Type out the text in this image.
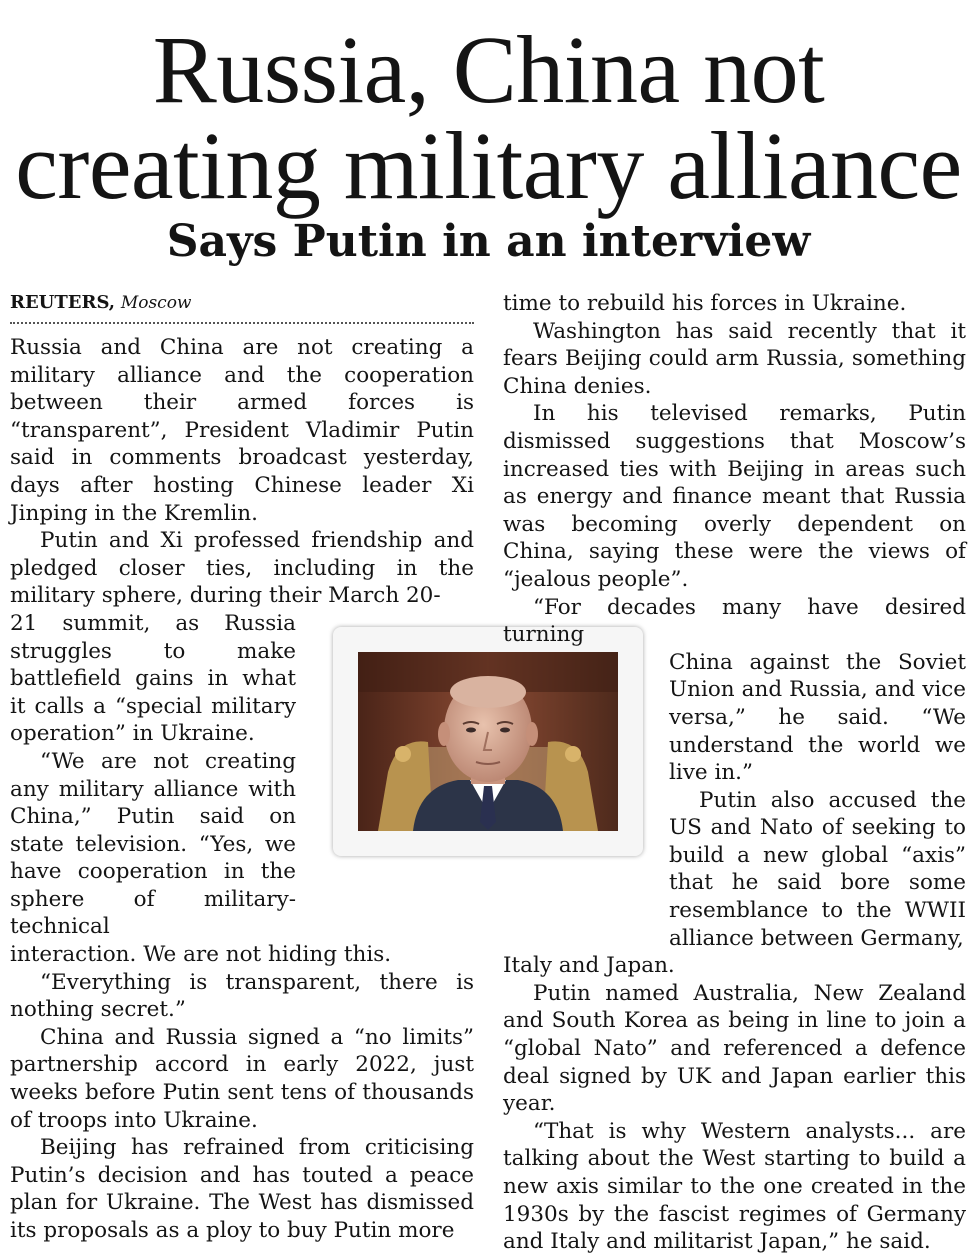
Russia, China not
creating military alliance
Says Putin in an interview

REUTERS, Moscow

Russia and China are not creating a military alliance and the cooperation between their armed forces is “transparent”, President Vladimir Putin said in comments broadcast yesterday, days after hosting Chinese leader Xi Jinping in the Kremlin.

Putin and Xi professed friendship and pledged closer ties, including in the military sphere, during their March 20-

21 summit, as Russia struggles to make battlefield gains in what it calls a “special military operation” in Ukraine.

“We are not creating any military alliance with China,” Putin said on state television. “Yes, we have cooperation in the sphere of military-technical

interaction. We are not hiding this.

“Everything is transparent, there is nothing secret.”

China and Russia signed a “no limits” partnership accord in early 2022, just weeks before Putin sent tens of thousands of troops into Ukraine.

Beijing has refrained from criticising Putin’s decision and has touted a peace plan for Ukraine. The West has dismissed its proposals as a ploy to buy Putin more

time to rebuild his forces in Ukraine.

Washington has said recently that it fears Beijing could arm Russia, something China denies.

In his televised remarks, Putin dismissed suggestions that Moscow’s increased ties with Beijing in areas such as energy and finance meant that Russia was becoming overly dependent on China, saying these were the views of “jealous people”.

“For decades many have desired turning

China against the Soviet Union and Russia, and vice versa,” he said. “We understand the world we live in.”

Putin also accused the US and Nato of seeking to build a new global “axis” that he said bore some resemblance to the WWII alliance between Germany,

Italy and Japan.

Putin named Australia, New Zealand and South Korea as being in line to join a “global Nato” and referenced a defence deal signed by UK and Japan earlier this year.

“That is why Western analysts... are talking about the West starting to build a new axis similar to the one created in the 1930s by the fascist regimes of Germany and Italy and militarist Japan,” he said.
